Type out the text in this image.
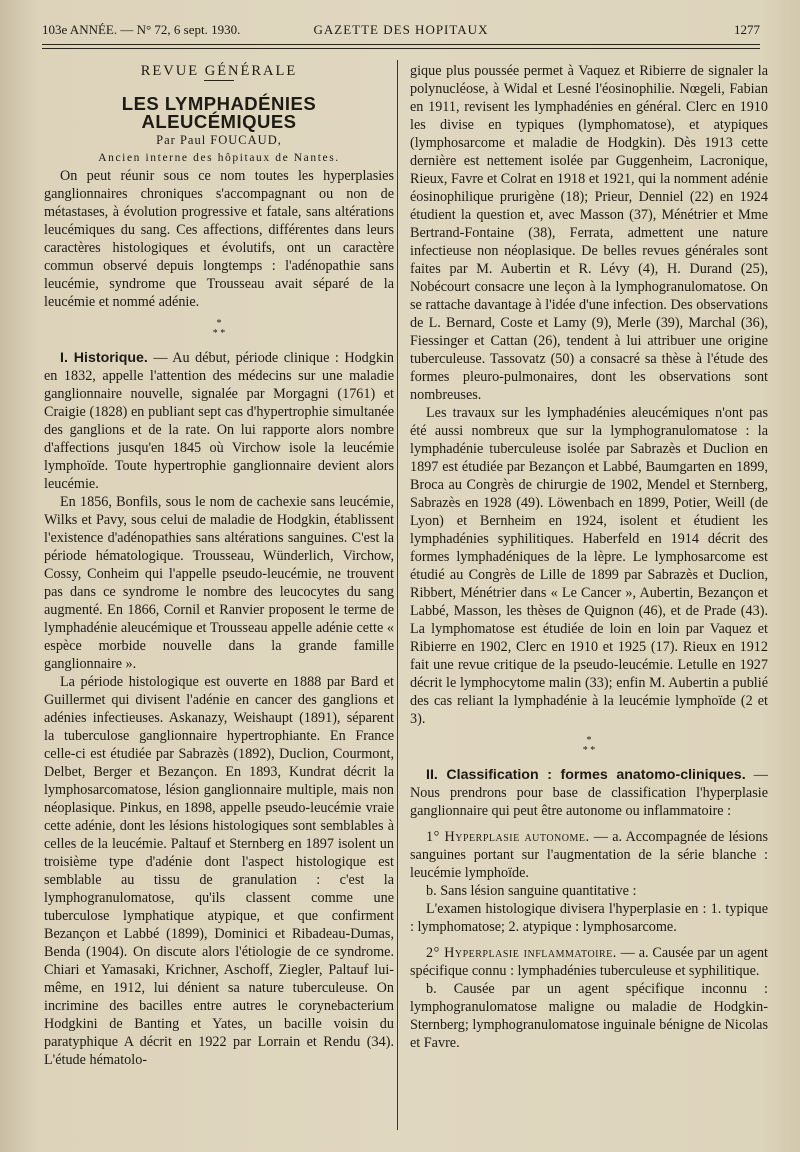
103e ANNÉE. — N° 72, 6 sept. 1930.	GAZETTE DES HOPITAUX	1277

REVUE GÉNÉRALE

LES LYMPHADÉNIES ALEUCÉMIQUES

Par Paul FOUCAUD,

Ancien interne des hôpitaux de Nantes.

On peut réunir sous ce nom toutes les hyperplasies ganglionnaires chroniques s'accompagnant ou non de métastases, à évolution progressive et fatale, sans altérations leucémiques du sang. Ces affections, différentes dans leurs caractères histologiques et évolutifs, ont un caractère commun observé depuis longtemps : l'adénopathie sans leucémie, syndrome que Trousseau avait séparé de la leucémie et nommé adénie.

*
* *

I. Historique. — Au début, période clinique : Hodgkin en 1832, appelle l'attention des médecins sur une maladie ganglionnaire nouvelle, signalée par Morgagni (1761) et Craigie (1828) en publiant sept cas d'hypertrophie simultanée des ganglions et de la rate. On lui rapporte alors nombre d'affections jusqu'en 1845 où Virchow isole la leucémie lymphoïde. Toute hypertrophie ganglionnaire devient alors leucémie.

En 1856, Bonfils, sous le nom de cachexie sans leucémie, Wilks et Pavy, sous celui de maladie de Hodgkin, établissent l'existence d'adénopathies sans altérations sanguines. C'est la période hématologique. Trousseau, Wünderlich, Virchow, Cossy, Conheim qui l'appelle pseudo-leucémie, ne trouvent pas dans ce syndrome le nombre des leucocytes du sang augmenté. En 1866, Cornil et Ranvier proposent le terme de lymphadénie aleucémique et Trousseau appelle adénie cette « espèce morbide nouvelle dans la grande famille ganglionnaire ».

La période histologique est ouverte en 1888 par Bard et Guillermet qui divisent l'adénie en cancer des ganglions et adénies infectieuses. Askanazy, Weishaupt (1891), séparent la tuberculose ganglionnaire hypertrophiante. En France celle-ci est étudiée par Sabrazès (1892), Duclion, Courmont, Delbet, Berger et Bezançon. En 1893, Kundrat décrit la lymphosarcomatose, lésion ganglionnaire multiple, mais non néoplasique. Pinkus, en 1898, appelle pseudo-leucémie vraie cette adénie, dont les lésions histologiques sont semblables à celles de la leucémie. Paltauf et Sternberg en 1897 isolent un troisième type d'adénie dont l'aspect histologique est semblable au tissu de granulation : c'est la lymphogranulomatose, qu'ils classent comme une tuberculose lymphatique atypique, et que confirment Bezançon et Labbé (1899), Dominici et Ribadeau-Dumas, Benda (1904). On discute alors l'étiologie de ce syndrome. Chiari et Yamasaki, Krichner, Aschoff, Ziegler, Paltauf lui-même, en 1912, lui dénient sa nature tuberculeuse. On incrimine des bacilles entre autres le corynebacterium Hodgkini de Banting et Yates, un bacille voisin du paratyphique A décrit en 1922 par Lorrain et Rendu (34). L'étude hématolo-

gique plus poussée permet à Vaquez et Ribierre de signaler la polynucléose, à Widal et Lesné l'éosinophilie. Nœgeli, Fabian en 1911, revisent les lymphadénies en général. Clerc en 1910 les divise en typiques (lymphomatose), et atypiques (lymphosarcome et maladie de Hodgkin). Dès 1913 cette dernière est nettement isolée par Guggenheim, Lacronique, Rieux, Favre et Colrat en 1918 et 1921, qui la nomment adénie éosinophilique prurigène (18); Prieur, Denniel (22) en 1924 étudient la question et, avec Masson (37), Ménétrier et Mme Bertrand-Fontaine (38), Ferrata, admettent une nature infectieuse non néoplasique. De belles revues générales sont faites par M. Aubertin et R. Lévy (4), H. Durand (25), Nobécourt consacre une leçon à la lymphogranulomatose. On se rattache davantage à l'idée d'une infection. Des observations de L. Bernard, Coste et Lamy (9), Merle (39), Marchal (36), Fiessinger et Cattan (26), tendent à lui attribuer une origine tuberculeuse. Tassovatz (50) a consacré sa thèse à l'étude des formes pleuro-pulmonaires, dont les observations sont nombreuses.

Les travaux sur les lymphadénies aleucémiques n'ont pas été aussi nombreux que sur la lymphogranulomatose : la lymphadénie tuberculeuse isolée par Sabrazès et Duclion en 1897 est étudiée par Bezançon et Labbé, Baumgarten en 1899, Broca au Congrès de chirurgie de 1902, Mendel et Sternberg, Sabrazès en 1928 (49). Löwenbach en 1899, Potier, Weill (de Lyon) et Bernheim en 1924, isolent et étudient les lymphadénies syphilitiques. Haberfeld en 1914 décrit des formes lymphadéniques de la lèpre. Le lymphosarcome est étudié au Congrès de Lille de 1899 par Sabrazès et Duclion, Ribbert, Ménétrier dans « Le Cancer », Aubertin, Bezançon et Labbé, Masson, les thèses de Quignon (46), et de Prade (43). La lymphomatose est étudiée de loin en loin par Vaquez et Ribierre en 1902, Clerc en 1910 et 1925 (17). Rieux en 1912 fait une revue critique de la pseudo-leucémie. Letulle en 1927 décrit le lymphocytome malin (33); enfin M. Aubertin a publié des cas reliant la lymphadénie à la leucémie lymphoïde (2 et 3).

*
* *

II. Classification : formes anatomo-cliniques. — Nous prendrons pour base de classification l'hyperplasie ganglionnaire qui peut être autonome ou inflammatoire :

1° Hyperplasie autonome. — a. Accompagnée de lésions sanguines portant sur l'augmentation de la série blanche : leucémie lymphoïde.

b. Sans lésion sanguine quantitative :

L'examen histologique divisera l'hyperplasie en : 1. typique : lymphomatose; 2. atypique : lymphosarcome.

2° Hyperplasie inflammatoire. — a. Causée par un agent spécifique connu : lymphadénies tuberculeuse et syphilitique.

b. Causée par un agent spécifique inconnu : lymphogranulomatose maligne ou maladie de Hodgkin-Sternberg; lymphogranulomatose inguinale bénigne de Nicolas et Favre.
